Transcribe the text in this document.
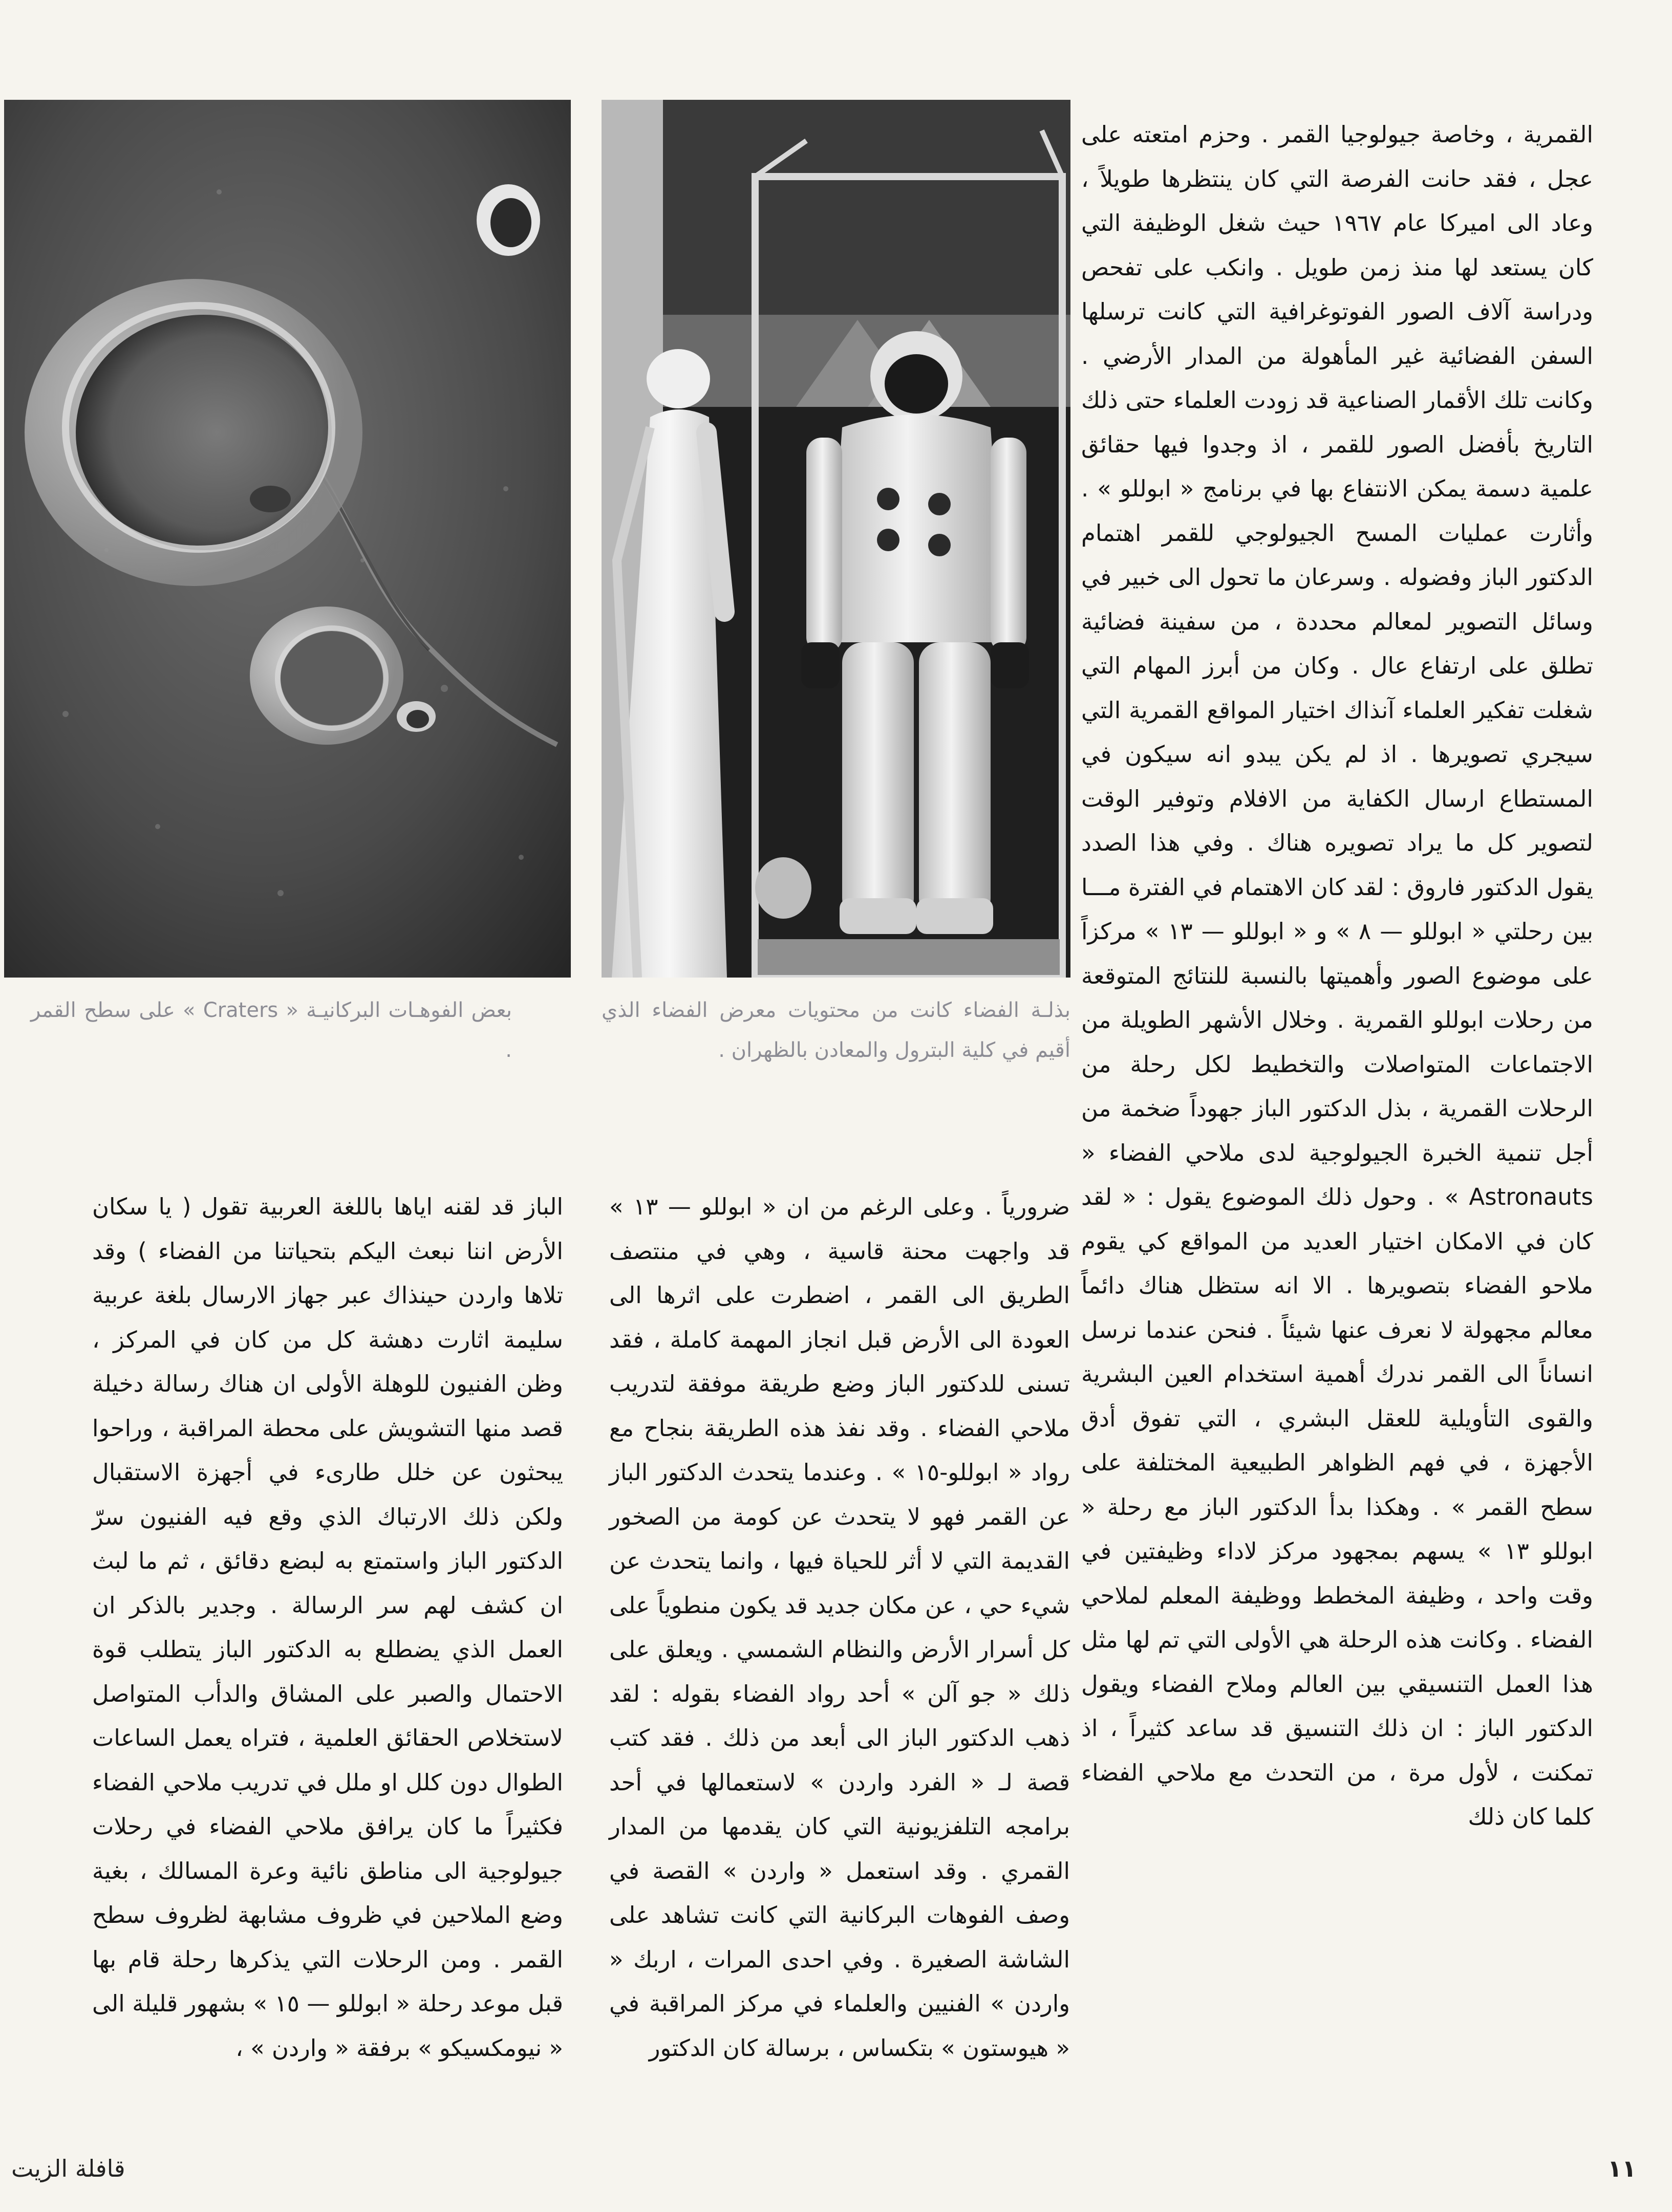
بعض الفوهـات البركانيـة « Craters » على سطح القمر .
بذلـة الفضاء كانت من محتويات معرض الفضاء الذي أقيم في كلية البترول والمعادن بالظهران .

القمرية ، وخاصة جيولوجيا القمر . وحزم امتعته على عجل ، فقد حانت الفرصة التي كان ينتظرها طويلاً ، وعاد الى اميركا عام ١٩٦٧ حيث شغل الوظيفة التي كان يستعد لها منذ زمن طويل . وانكب على تفحص ودراسة آلاف الصور الفوتوغرافية التي كانت ترسلها السفن الفضائية غير المأهولة من المدار الأرضي . وكانت تلك الأقمار الصناعية قد زودت العلماء حتى ذلك التاريخ بأفضل الصور للقمر ، اذ وجدوا فيها حقائق علمية دسمة يمكن الانتفاع بها في برنامج « ابوللو » . وأثارت عمليات المسح الجيولوجي للقمر اهتمام الدكتور الباز وفضوله . وسرعان ما تحول الى خبير في وسائل التصوير لمعالم محددة ، من سفينة فضائية تطلق على ارتفاع عال . وكان من أبرز المهام التي شغلت تفكير العلماء آنذاك اختيار المواقع القمرية التي سيجري تصويرها . اذ لم يكن يبدو انه سيكون في المستطاع ارسال الكفاية من الافلام وتوفير الوقت لتصوير كل ما يراد تصويره هناك . وفي هذا الصدد يقول الدكتور فاروق : لقد كان الاهتمام في الفترة مـــا بين رحلتي « ابوللو — ٨ » و « ابوللو — ١٣ » مركزاً على موضوع الصور وأهميتها بالنسبة للنتائج المتوقعة من رحلات ابوللو القمرية . وخلال الأشهر الطويلة من الاجتماعات المتواصلات والتخطيط لكل رحلة من الرحلات القمرية ، بذل الدكتور الباز جهوداً ضخمة من أجل تنمية الخبرة الجيولوجية لدى ملاحي الفضاء « Astronauts » . وحول ذلك الموضوع يقول : « لقد كان في الامكان اختيار العديد من المواقع كي يقوم ملاحو الفضاء بتصويرها . الا انه ستظل هناك دائماً معالم مجهولة لا نعرف عنها شيئاً . فنحن عندما نرسل انساناً الى القمر ندرك أهمية استخدام العين البشرية والقوى التأويلية للعقل البشري ، التي تفوق أدق الأجهزة ، في فهم الظواهر الطبيعية المختلفة على سطح القمر » . وهكذا بدأ الدكتور الباز مع رحلة « ابوللو ١٣ » يسهم بمجهود مركز لاداء وظيفتين في وقت واحد ، وظيفة المخطط ووظيفة المعلم لملاحي الفضاء . وكانت هذه الرحلة هي الأولى التي تم لها مثل هذا العمل التنسيقي بين العالم وملاح الفضاء ويقول الدكتور الباز : ان ذلك التنسيق قد ساعد كثيراً ، اذ تمكنت ، لأول مرة ، من التحدث مع ملاحي الفضاء كلما كان ذلك

ضرورياً . وعلى الرغم من ان « ابوللو — ١٣ » قد واجهت محنة قاسية ، وهي في منتصف الطريق الى القمر ، اضطرت على اثرها الى العودة الى الأرض قبل انجاز المهمة كاملة ، فقد تسنى للدكتور الباز وضع طريقة موفقة لتدريب ملاحي الفضاء . وقد نفذ هذه الطريقة بنجاح مع رواد « ابوللو-١٥ » . وعندما يتحدث الدكتور الباز عن القمر فهو لا يتحدث عن كومة من الصخور القديمة التي لا أثر للحياة فيها ، وانما يتحدث عن شيء حي ، عن مكان جديد قد يكون منطوياً على كل أسرار الأرض والنظام الشمسي . ويعلق على ذلك « جو آلن » أحد رواد الفضاء بقوله : لقد ذهب الدكتور الباز الى أبعد من ذلك . فقد كتب قصة لـ « الفرد واردن » لاستعمالها في أحد برامجه التلفزيونية التي كان يقدمها من المدار القمري . وقد استعمل « واردن » القصة في وصف الفوهات البركانية التي كانت تشاهد على الشاشة الصغيرة . وفي احدى المرات ، اربك « واردن » الفنيين والعلماء في مركز المراقبة في « هيوستون » بتكساس ، برسالة كان الدكتور

الباز قد لقنه اياها باللغة العربية تقول ( يا سكان الأرض اننا نبعث اليكم بتحياتنا من الفضاء ) وقد تلاها واردن حينذاك عبر جهاز الارسال بلغة عربية سليمة اثارت دهشة كل من كان في المركز ، وظن الفنيون للوهلة الأولى ان هناك رسالة دخيلة قصد منها التشويش على محطة المراقبة ، وراحوا يبحثون عن خلل طارىء في أجهزة الاستقبال ولكن ذلك الارتباك الذي وقع فيه الفنيون سرّ الدكتور الباز واستمتع به لبضع دقائق ، ثم ما لبث ان كشف لهم سر الرسالة . وجدير بالذكر ان العمل الذي يضطلع به الدكتور الباز يتطلب قوة الاحتمال والصبر على المشاق والدأب المتواصل لاستخلاص الحقائق العلمية ، فتراه يعمل الساعات الطوال دون كلل او ملل في تدريب ملاحي الفضاء فكثيراً ما كان يرافق ملاحي الفضاء في رحلات جيولوجية الى مناطق نائية وعرة المسالك ، بغية وضع الملاحين في ظروف مشابهة لظروف سطح القمر . ومن الرحلات التي يذكرها رحلة قام بها قبل موعد رحلة « ابوللو — ١٥ » بشهور قليلة الى « نيومكسيكو » برفقة « واردن » ،

١١
قافلة الزيت
